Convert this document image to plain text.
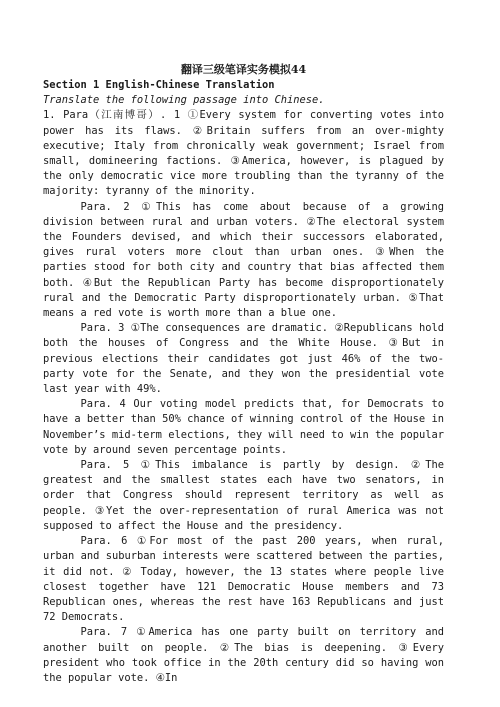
翻译三级笔译实务模拟44
Section 1 English-Chinese Translation
Translate the following passage into Chinese.
1. Para（江南博哥）. 1 ①Every system for converting votes into power has its flaws. ②Britain suffers from an over-mighty executive; Italy from chronically weak government; Israel from small, domineering factions. ③America, however, is plagued by the only democratic vice more troubling than the tyranny of the majority: tyranny of the minority.
Para. 2 ①This has come about because of a growing division between rural and urban voters. ②The electoral system the Founders devised, and which their successors elaborated, gives rural voters more clout than urban ones. ③When the parties stood for both city and country that bias affected them both. ④But the Republican Party has become disproportionately rural and the Democratic Party disproportionately urban. ⑤That means a red vote is worth more than a blue one.
Para. 3 ①The consequences are dramatic. ②Republicans hold both the houses of Congress and the White House. ③But in previous elections their candidates got just 46% of the two-party vote for the Senate, and they won the presidential vote last year with 49%.
Para. 4 Our voting model predicts that, for Democrats to have a better than 50% chance of winning control of the House in November’s mid-term elections, they will need to win the popular vote by around seven percentage points.
Para. 5 ①This imbalance is partly by design. ②The greatest and the smallest states each have two senators, in order that Congress should represent territory as well as people. ③Yet the over-representation of rural America was not supposed to affect the House and the presidency.
Para. 6 ①For most of the past 200 years, when rural, urban and suburban interests were scattered between the parties, it did not. ② Today, however, the 13 states where people live closest together have 121 Democratic House members and 73 Republican ones, whereas the rest have 163 Republicans and just 72 Democrats.
Para. 7 ①America has one party built on territory and another built on people. ②The bias is deepening. ③Every president who took office in the 20th century did so having won the popular vote. ④In
